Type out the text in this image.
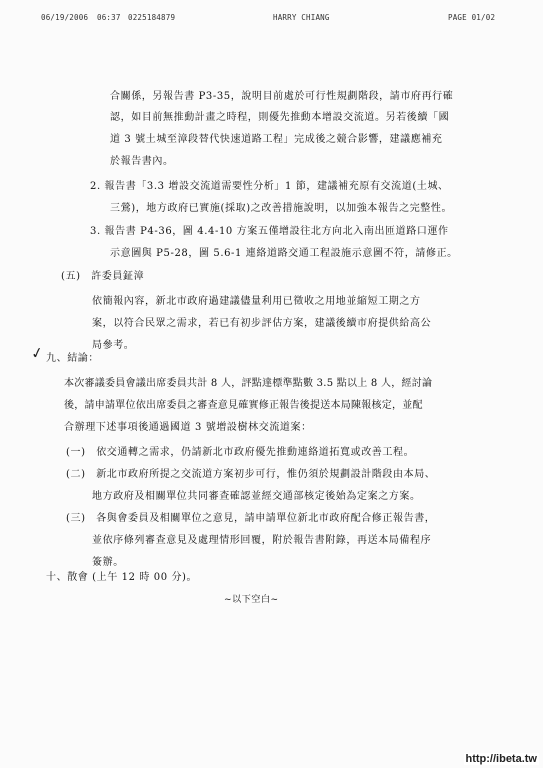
06/19/2006 06:37 0225184879	HARRY CHIANG	PAGE 01/02
合關係，另報告書 P3-35，說明目前處於可行性規劃階段，請市府再行確
認，如目前無推動計畫之時程，則優先推動本增設交流道。另若後續「國
道 3 號土城至漳段替代快速道路工程」完成後之競合影響，建議應補充
於報告書內。
2. 報告書「3.3 增設交流道需要性分析」1 節，建議補充原有交流道(土城、
三鶯)，地方政府已實施(採取)之改善措施說明，以加強本報告之完整性。
3. 報告書 P4-36，圖 4.4-10 方案五僅增設往北方向北入南出匝道路口運作
示意圖與 P5-28，圖 5.6-1 連絡道路交通工程設施示意圖不符，請修正。
(五)　許委員鉦漳
依簡報內容，新北市政府過建議儘量利用已徵收之用地並縮短工期之方
案，以符合民眾之需求，若已有初步評估方案，建議後續市府提供給高公
局參考。
✓ 九、結論：
本次審議委員會議出席委員共計 8 人，評點達標準點數 3.5 點以上 8 人，經討論
後，請申請單位依出席委員之審查意見確實修正報告後提送本局陳報核定，並配
合辦理下述事項後通過國道 3 號增設樹林交流道案：
(一)　依交通轉之需求，仍請新北市政府優先推動連絡道拓寬或改善工程。
(二)　新北市政府所提之交流道方案初步可行，惟仍須於規劃設計階段由本局、
地方政府及相關單位共同審查確認並經交通部核定後始為定案之方案。
(三)　各與會委員及相關單位之意見，請申請單位新北市政府配合修正報告書，
並依序條列審查意見及處理情形回覆，附於報告書附錄，再送本局備程序
簽辦。
十、散會 (上午 12 時 00 分)。
~以下空白~
http://ibeta.tw
